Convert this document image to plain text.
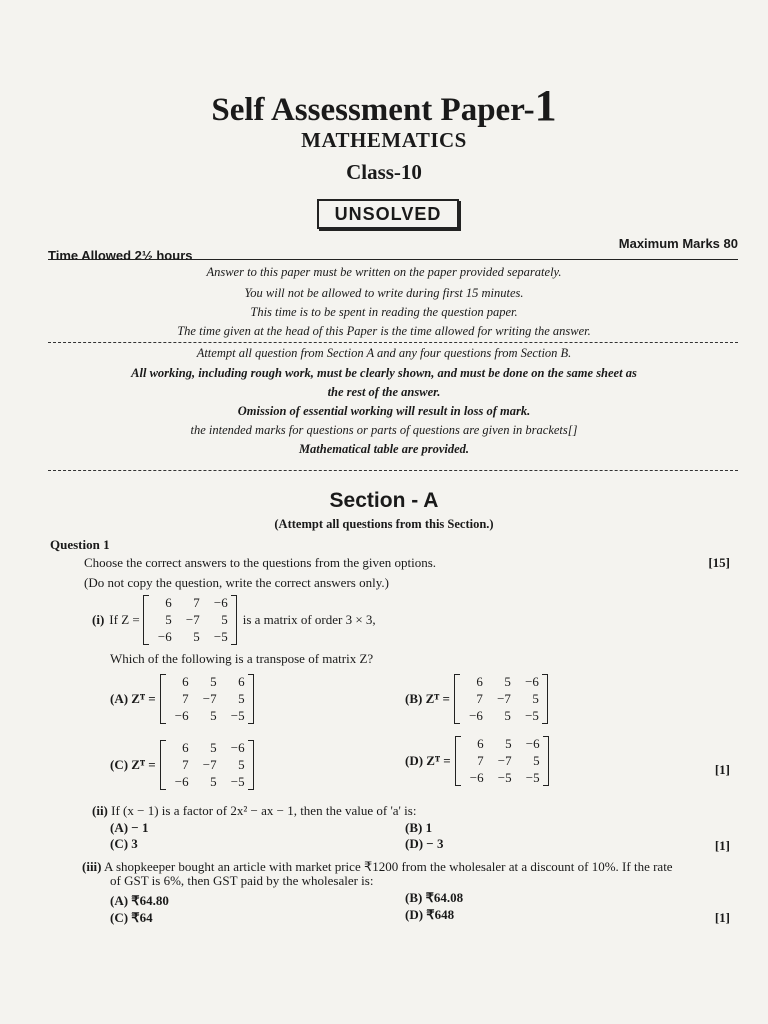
Self Assessment Paper-1
MATHEMATICS
Class-10
UNSOLVED
Time Allowed 2½ hours
Maximum Marks 80
Answer to this paper must be written on the paper provided separately.
You will not be allowed to write during first 15 minutes.
This time is to be spent in reading the question paper.
The time given at the head of this Paper is the time allowed for writing the answer.
Attempt all question from Section A and any four questions from Section B.
All working, including rough work, must be clearly shown, and must be done on the same sheet as
the rest of the answer.
Omission of essential working will result in loss of mark.
the intended marks for questions or parts of questions are given in brackets[]
Mathematical table are provided.
Section - A
(Attempt all questions from this Section.)
Question 1
Choose the correct answers to the questions from the given options.	[15]
(Do not copy the question, write the correct answers only.)
(i) If Z =
6	7	−6
5	−7	5
−6	5	−5
is a matrix of order 3 × 3,
Which of the following is a transpose of matrix Z?
(A) Zᵀ =
6	5	6
7	−7	5
−6	5	−5
(B) Zᵀ =
6	5	−6
7	−7	5
−6	5	−5
(C) Zᵀ =
6	5	−6
7	−7	5
−6	5	−5
(D) Zᵀ =
6	5	−6
7	−7	5
−6	−5	−5
[1]
(ii) If (x − 1) is a factor of 2x² − ax − 1, then the value of 'a' is:
(A) − 1	(B) 1
(C) 3	(D) − 3	[1]
(iii) A shopkeeper bought an article with market price ₹1200 from the wholesaler at a discount of 10%. If the rate
of GST is 6%, then GST paid by the wholesaler is:
(A) ₹64.80	(B) ₹64.08
(C) ₹64	(D) ₹648	[1]
